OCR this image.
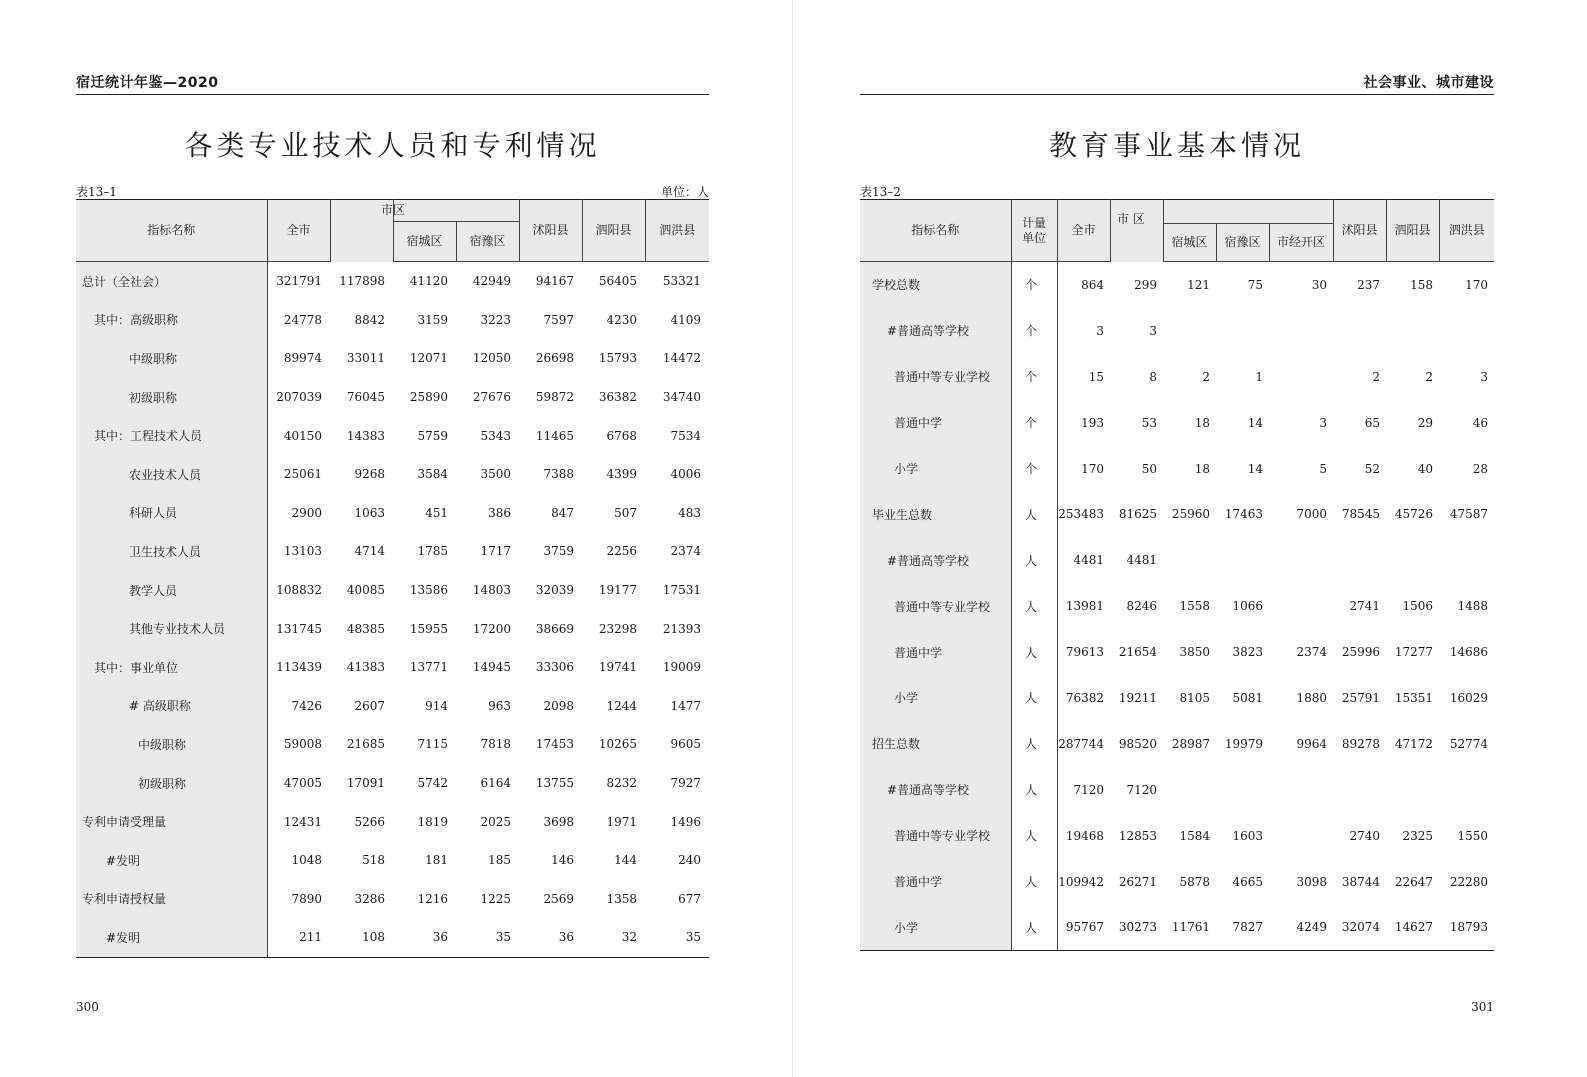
宿迁统计年鉴—2020
各类专业技术人员和专利情况
表13–1	单位：人
指标名称	全市		市区		沭阳县	泗阳县	泗洪县
			宿城区	宿豫区			
总计（全社会）	321791	117898	41120	42949	94167	56405	53321
其中：高级职称	24778	8842	3159	3223	7597	4230	4109
中级职称	89974	33011	12071	12050	26698	15793	14472
初级职称	207039	76045	25890	27676	59872	36382	34740
其中：工程技术人员	40150	14383	5759	5343	11465	6768	7534
农业技术人员	25061	9268	3584	3500	7388	4399	4006
科研人员	2900	1063	451	386	847	507	483
卫生技术人员	13103	4714	1785	1717	3759	2256	2374
教学人员	108832	40085	13586	14803	32039	19177	17531
其他专业技术人员	131745	48385	15955	17200	38669	23298	21393
其中：事业单位	113439	41383	13771	14945	33306	19741	19009
# 高级职称	7426	2607	914	963	2098	1244	1477
中级职称	59008	21685	7115	7818	17453	10265	9605
初级职称	47005	17091	5742	6164	13755	8232	7927
专利申请受理量	12431	5266	1819	2025	3698	1971	1496
#发明	1048	518	181	185	146	144	240
专利申请授权量	7890	3286	1216	1225	2569	1358	677
#发明	211	108	36	35	36	32	35
300
社会事业、城市建设
教育事业基本情况
表13–2
指标名称	计量单位	全市		市 区			沭阳县	泗阳县	泗洪县
				宿城区	宿豫区	市经开区			
学校总数	个	864	299	121	75	30	237	158	170
#普通高等学校	个	3	3						
普通中等专业学校	个	15	8	2	1		2	2	3
普通中学	个	193	53	18	14	3	65	29	46
小学	个	170	50	18	14	5	52	40	28
毕业生总数	人	253483	81625	25960	17463	7000	78545	45726	47587
#普通高等学校	人	4481	4481						
普通中等专业学校	人	13981	8246	1558	1066		2741	1506	1488
普通中学	人	79613	21654	3850	3823	2374	25996	17277	14686
小学	人	76382	19211	8105	5081	1880	25791	15351	16029
招生总数	人	287744	98520	28987	19979	9964	89278	47172	52774
#普通高等学校	人	7120	7120						
普通中等专业学校	人	19468	12853	1584	1603		2740	2325	1550
普通中学	人	109942	26271	5878	4665	3098	38744	22647	22280
小学	人	95767	30273	11761	7827	4249	32074	14627	18793
301
